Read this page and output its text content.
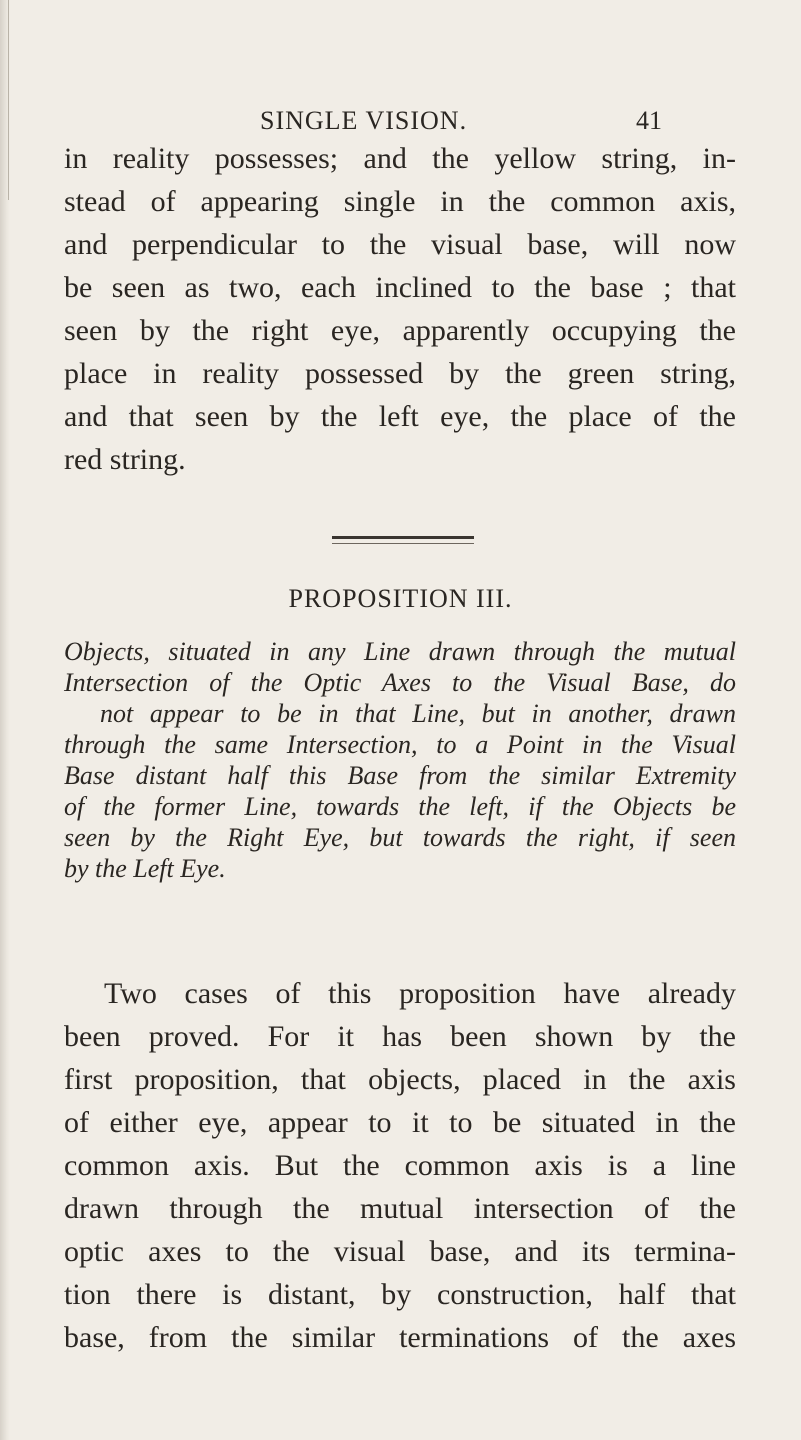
SINGLE VISION.	41

in reality possesses; and the yellow string, in-
stead of appearing single in the common axis,
and perpendicular to the visual base, will now
be seen as two, each inclined to the base ; that
seen by the right eye, apparently occupying the
place in reality possessed by the green string,
and that seen by the left eye, the place of the
red string.

PROPOSITION III.

Objects, situated in any Line drawn through the mutual
Intersection of the Optic Axes to the Visual Base, do
not appear to be in that Line, but in another, drawn
through the same Intersection, to a Point in the Visual
Base distant half this Base from the similar Extremity
of the former Line, towards the left, if the Objects be
seen by the Right Eye, but towards the right, if seen
by the Left Eye.

Two cases of this proposition have already
been proved. For it has been shown by the
first proposition, that objects, placed in the axis
of either eye, appear to it to be situated in the
common axis. But the common axis is a line
drawn through the mutual intersection of the
optic axes to the visual base, and its termina-
tion there is distant, by construction, half that
base, from the similar terminations of the axes
